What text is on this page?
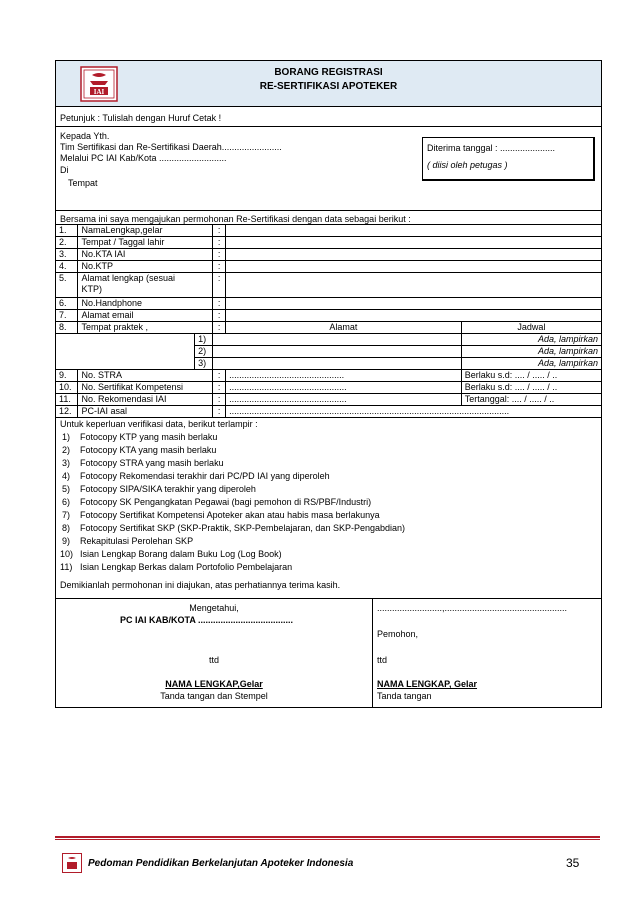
IAI
BORANG REGISTRASI
RE-SERTIFIKASI APOTEKER
Petunjuk : Tulislah dengan Huruf Cetak !
Kepada Yth.
Tim Sertifikasi dan Re-Sertifikasi Daerah........................
Melalui PC IAI Kab/Kota ...........................
Di
Tempat
Diterima tanggal : ......................
( diisi oleh petugas )
Bersama ini saya mengajukan permohonan Re-Sertifikasi dengan data sebagai berikut :
1.	NamaLengkap,gelar		:		
2.	Tempat / Taggal lahir		:		
3.	No.KTA IAI		:		
4.	No.KTP		:		
5.	Alamat lengkap (sesuai KTP)		:		
6.	No.Handphone		:		
7.	Alamat email		:		
8.	Tempat praktek ,		:	Alamat	Jadwal
		1)			Ada, lampirkan
		2)			Ada, lampirkan
		3)			Ada, lampirkan
9.	No. STRA		:	..............................................	Berlaku s.d: .... / ..... / ..
10.	No. Sertifikat Kompetensi		:	...............................................	Berlaku s.d: .... / ..... / ..
11.	No. Rekomendasi IAI		:	...............................................	Tertanggal: .... / ..... / ..
12.	PC-IAI asal		:	................................................................................................................	
Untuk keperluan verifikasi data, berikut terlampir :
1) Fotocopy KTP yang masih berlaku
2) Fotocopy KTA yang masih berlaku
3) Fotocopy STRA yang masih berlaku
4) Fotocopy Rekomendasi terakhir dari PC/PD IAI yang diperoleh
5) Fotocopy SIPA/SIKA terakhir yang diperoleh
6) Fotocopy SK Pengangkatan Pegawai (bagi pemohon di RS/PBF/Industri)
7) Fotocopy Sertifikat Kompetensi Apoteker akan atau habis masa berlakunya
8) Fotocopy Sertifikat SKP (SKP-Praktik, SKP-Pembelajaran, dan SKP-Pengabdian)
9) Rekapitulasi Perolehan SKP
10) Isian Lengkap Borang dalam Buku Log (Log Book)
11) Isian Lengkap Berkas dalam Portofolio Pembelajaran
Demikianlah permohonan ini diajukan, atas perhatiannya terima kasih.
Mengetahui,
PC IAI KAB/KOTA ......................................
ttd
NAMA LENGKAP,Gelar
Tanda tangan dan Stempel
..........................,.................................................
Pemohon,
ttd
NAMA LENGKAP, Gelar
Tanda tangan
Pedoman Pendidikan Berkelanjutan Apoteker Indonesia	35
